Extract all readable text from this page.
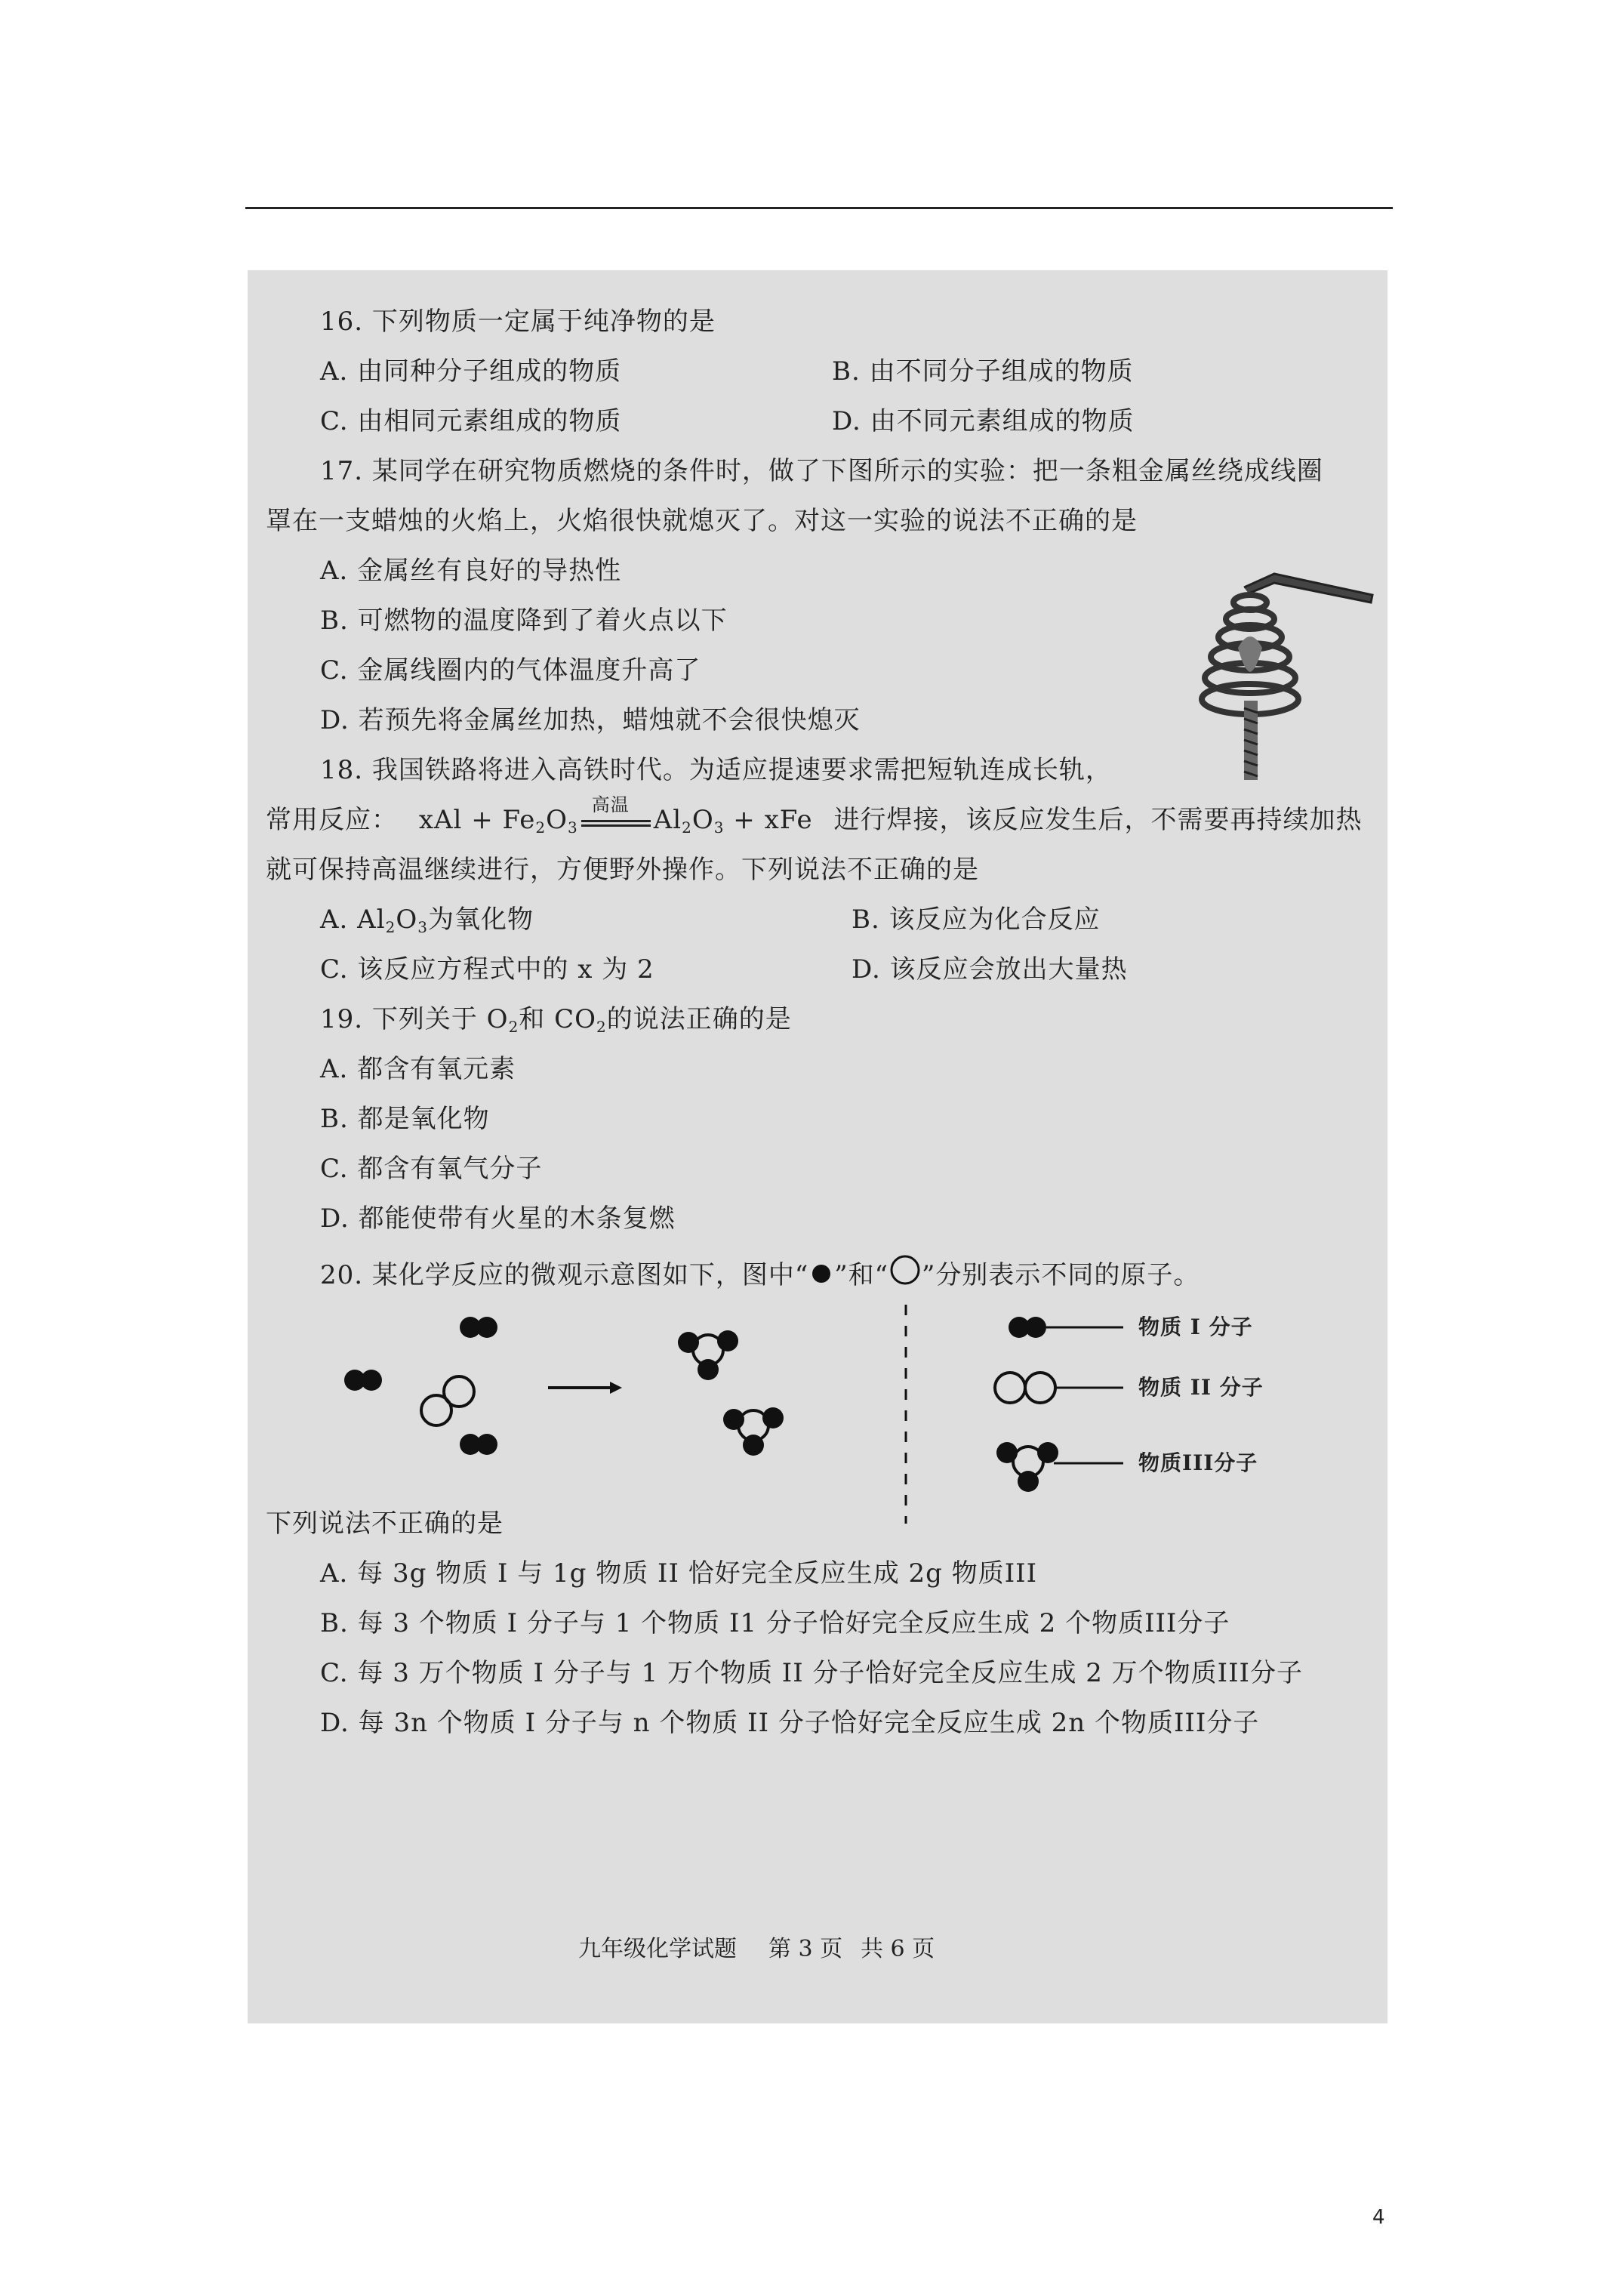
16. 下列物质一定属于纯净物的是
A. 由同种分子组成的物质	B. 由不同分子组成的物质
C. 由相同元素组成的物质	D. 由不同元素组成的物质
17. 某同学在研究物质燃烧的条件时，做了下图所示的实验：把一条粗金属丝绕成线圈
罩在一支蜡烛的火焰上，火焰很快就熄灭了。对这一实验的说法不正确的是
A. 金属丝有良好的导热性
B. 可燃物的温度降到了着火点以下
C. 金属线圈内的气体温度升高了
D. 若预先将金属丝加热，蜡烛就不会很快熄灭
18. 我国铁路将进入高铁时代。为适应提速要求需把短轨连成长轨，
常用反应： xAl + $Fe_2O_3$
高温 $Al_2O_3$ + xFe 进行焊接，该反应发生后，不需要再持续加热
就可保持高温继续进行，方便野外操作。下列说法不正确的是
A. $Al_2O_3$为氧化物	B. 该反应为化合反应
C. 该反应方程式中的 x 为 2	D. 该反应会放出大量热
19. 下列关于 $O_2$和 $CO_2$的说法正确的是
A. 都含有氧元素
B. 都是氧化物
C. 都含有氧气分子
D. 都能使带有火星的木条复燃
20. 某化学反应的微观示意图如下，图中“ ”和“ ”分别表示不同的原子。
物质 I 分子
物质 II 分子
物质III分子
下列说法不正确的是
A. 每 3g 物质 I 与 1g 物质 II 恰好完全反应生成 2g 物质III
B. 每 3 个物质 I 分子与 1 个物质 I1 分子恰好完全反应生成 2 个物质III分子
C. 每 3 万个物质 I 分子与 1 万个物质 II 分子恰好完全反应生成 2 万个物质III分子
D. 每 3n 个物质 I 分子与 n 个物质 II 分子恰好完全反应生成 2n 个物质III分子
九年级化学试题 第 3 页 共 6 页
4
